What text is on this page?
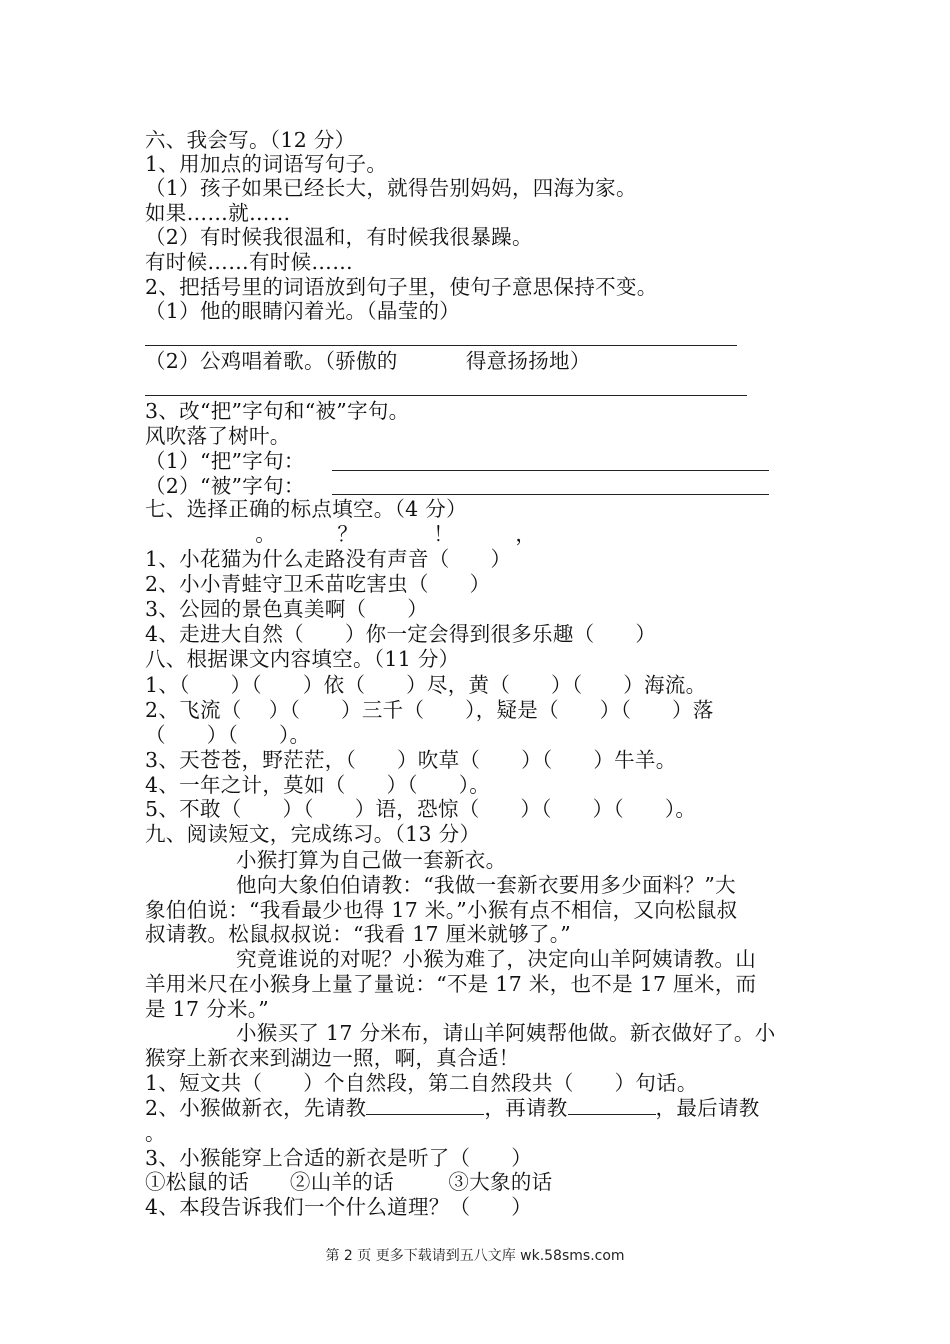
六、我会写。（12 分）
1、用加点的词语写句子。
（1）孩子如果已经长大，就得告别妈妈，四海为家。
如果……就……
（2）有时候我很温和，有时候我很暴躁。
有时候……有时候……
2、把括号里的词语放到句子里，使句子意思保持不变。
（1）他的眼睛闪着光。（晶莹的）
（2）公鸡唱着歌。（骄傲的          得意扬扬地）
3、改“把”字句和“被”字句。
风吹落了树叶。
（1）“把”字句：
（2）“被”字句：
七、选择正确的标点填空。（4 分）
。         ？           ！         ，
1、小花猫为什么走路没有声音（      ）
2、小小青蛙守卫禾苗吃害虫（      ）
3、公园的景色真美啊（      ）
4、走进大自然（      ）你一定会得到很多乐趣（      ）
八、根据课文内容填空。（11 分）
1、（      ）（      ）依（      ）尽，黄（      ）（      ）海流。
2、飞流（    ）（      ）三千（      ），疑是（      ）（      ）落
（      ）（      ）。
3、天苍苍，野茫茫，（      ）吹草（      ）（      ）牛羊。
4、一年之计，莫如（      ）（      ）。
5、不敢（      ）（      ）语，恐惊（      ）（      ）（      ）。
九、阅读短文，完成练习。（13 分）
小猴打算为自己做一套新衣。
他向大象伯伯请教：“我做一套新衣要用多少面料？”大
象伯伯说：“我看最少也得 17 米。”小猴有点不相信，又向松鼠叔
叔请教。松鼠叔叔说：“我看 17 厘米就够了。”
究竟谁说的对呢？小猴为难了，决定向山羊阿姨请教。山
羊用米尺在小猴身上量了量说：“不是 17 米，也不是 17 厘米，而
是 17 分米。”
小猴买了 17 分米布，请山羊阿姨帮他做。新衣做好了。小
猴穿上新衣来到湖边一照，啊，真合适！
1、短文共（      ）个自然段，第二自然段共（      ）句话。
2、小猴做新衣，先请教	，再请教	，最后请教
。
3、小猴能穿上合适的新衣是听了（      ）
①松鼠的话      ②山羊的话        ③大象的话
4、本段告诉我们一个什么道理？（      ）
第 2 页 更多下载请到五八文库 wk.58sms.com
